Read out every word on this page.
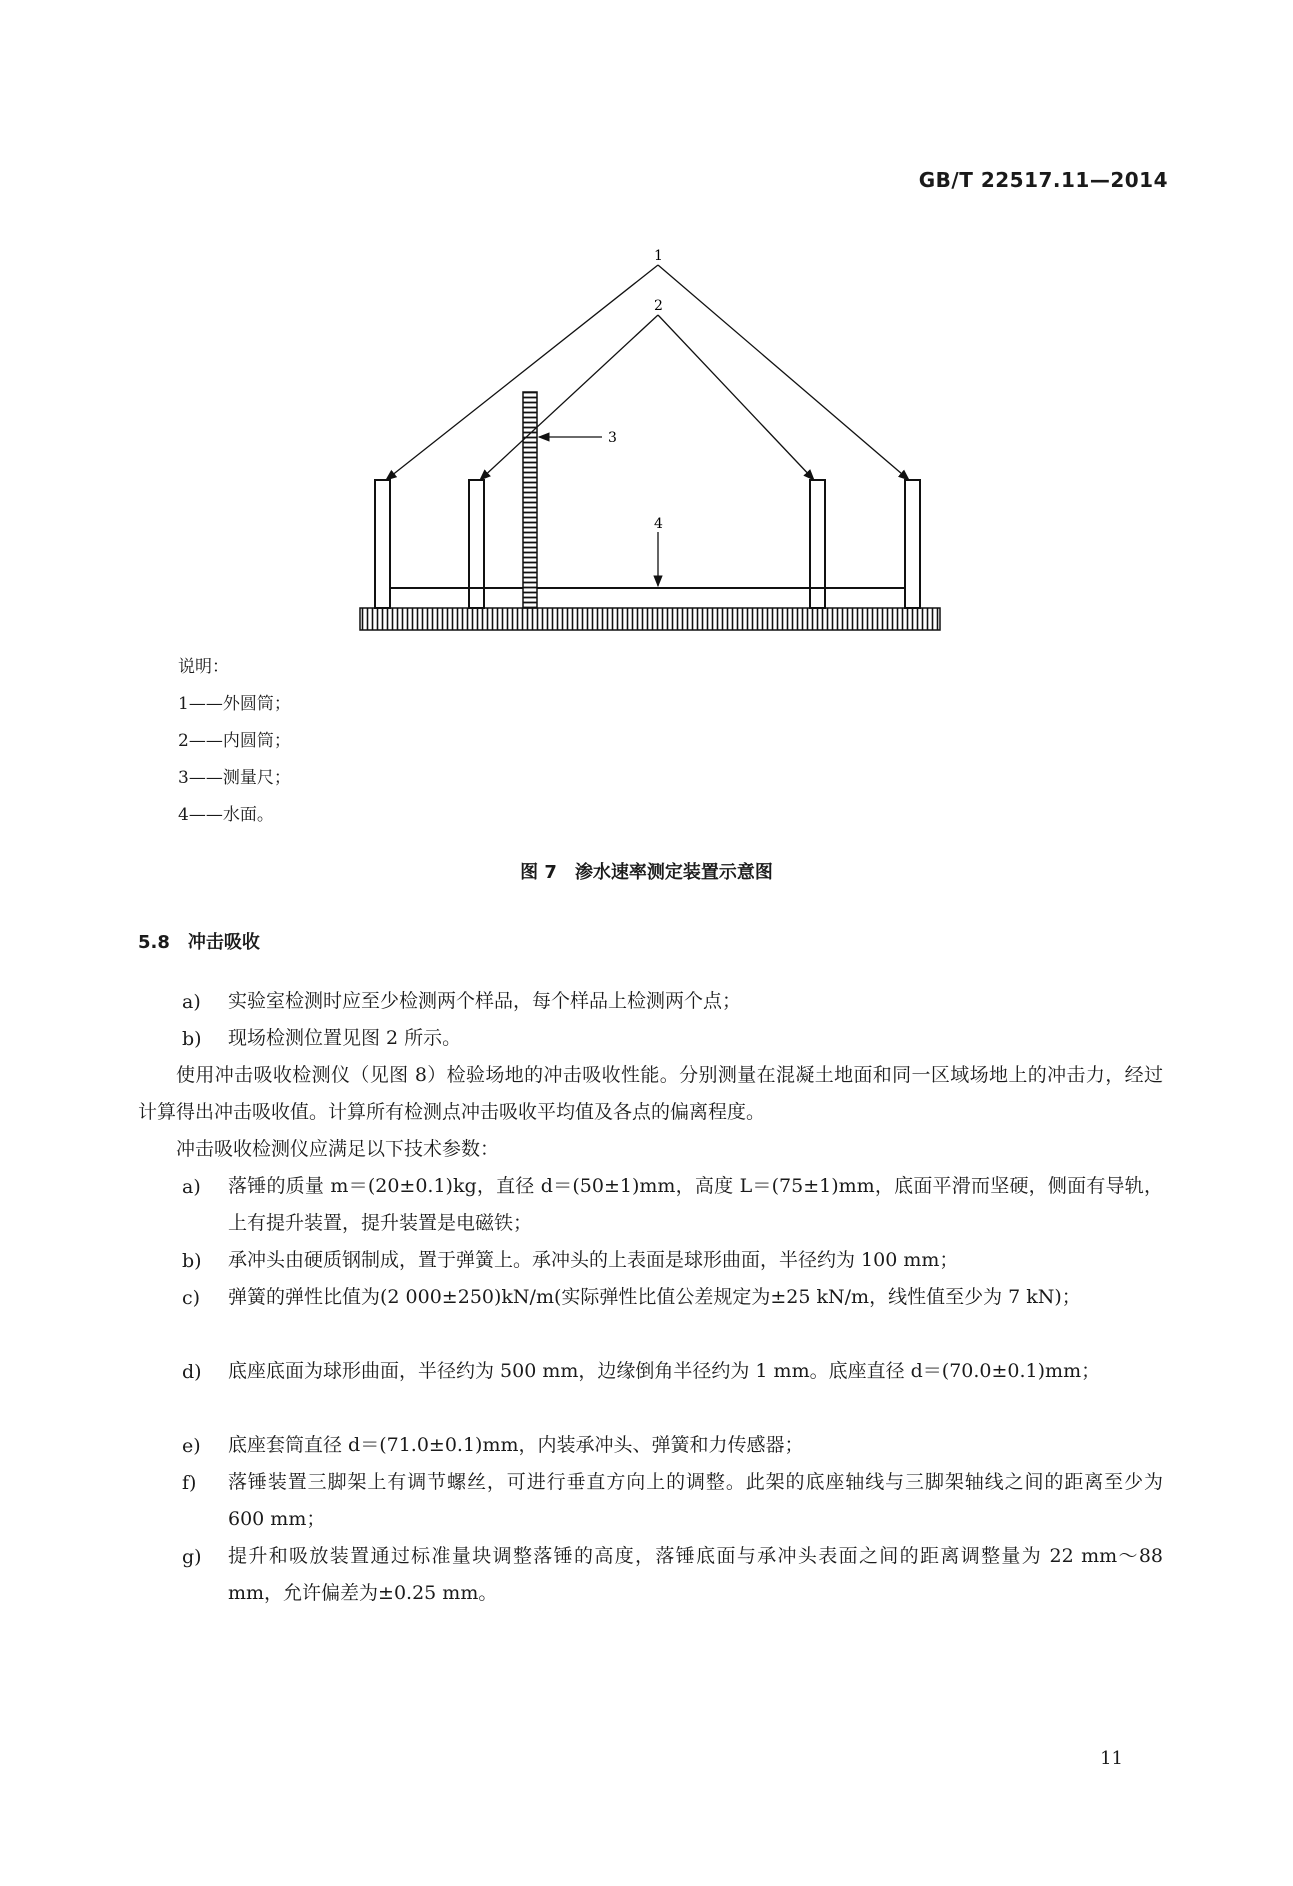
GB/T 22517.11—2014
1
2
3
4
说明：
1——外圆筒；
2——内圆筒；
3——测量尺；
4——水面。
图 7　渗水速率测定装置示意图
5.8　冲击吸收
a) 实验室检测时应至少检测两个样品，每个样品上检测两个点；
b) 现场检测位置见图 2 所示。
使用冲击吸收检测仪（见图 8）检验场地的冲击吸收性能。分别测量在混凝土地面和同一区域场地上的冲击力，经过计算得出冲击吸收值。计算所有检测点冲击吸收平均值及各点的偏离程度。
冲击吸收检测仪应满足以下技术参数：
a) 落锤的质量 m＝(20±0.1)kg，直径 d＝(50±1)mm，高度 L＝(75±1)mm，底面平滑而坚硬，侧面有导轨，上有提升装置，提升装置是电磁铁；
b) 承冲头由硬质钢制成，置于弹簧上。承冲头的上表面是球形曲面，半径约为 100 mm；
c) 弹簧的弹性比值为(2 000±250)kN/m(实际弹性比值公差规定为±25 kN/m，线性值至少为 7 kN)；
d) 底座底面为球形曲面，半径约为 500 mm，边缘倒角半径约为 1 mm。底座直径 d＝(70.0±0.1)mm；
e) 底座套筒直径 d＝(71.0±0.1)mm，内装承冲头、弹簧和力传感器；
f) 落锤装置三脚架上有调节螺丝，可进行垂直方向上的调整。此架的底座轴线与三脚架轴线之间的距离至少为 600 mm；
g) 提升和吸放装置通过标准量块调整落锤的高度，落锤底面与承冲头表面之间的距离调整量为 22 mm～88 mm，允许偏差为±0.25 mm。
11
